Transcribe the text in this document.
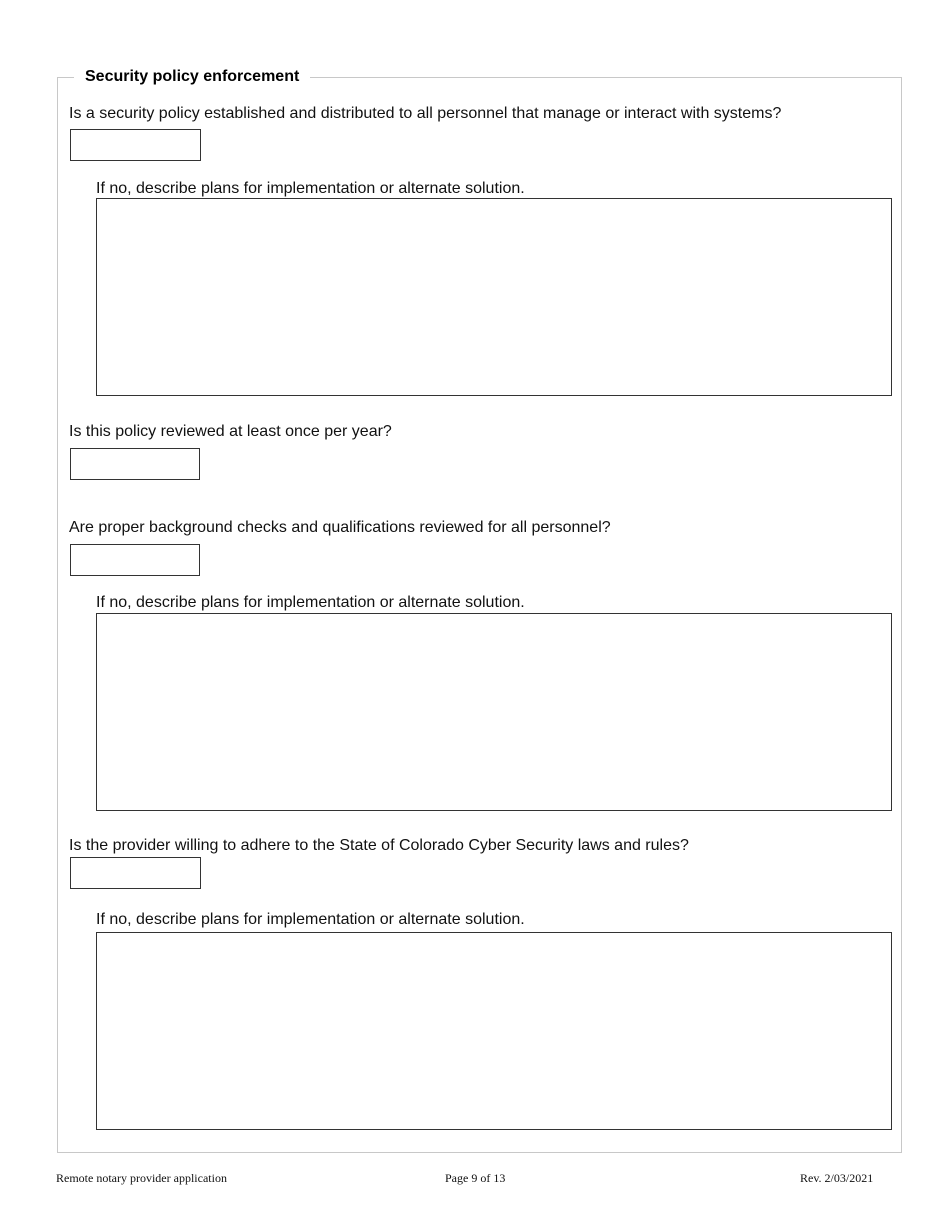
Security policy enforcement
Is a security policy established and distributed to all personnel that manage or interact with systems?
If no, describe plans for implementation or alternate solution.
Is this policy reviewed at least once per year?
Are proper background checks and qualifications reviewed for all personnel?
If no, describe plans for implementation or alternate solution.
Is the provider willing to adhere to the State of Colorado Cyber Security laws and rules?
If no, describe plans for implementation or alternate solution.
Remote notary provider application	Page 9 of 13	Rev. 2/03/2021
